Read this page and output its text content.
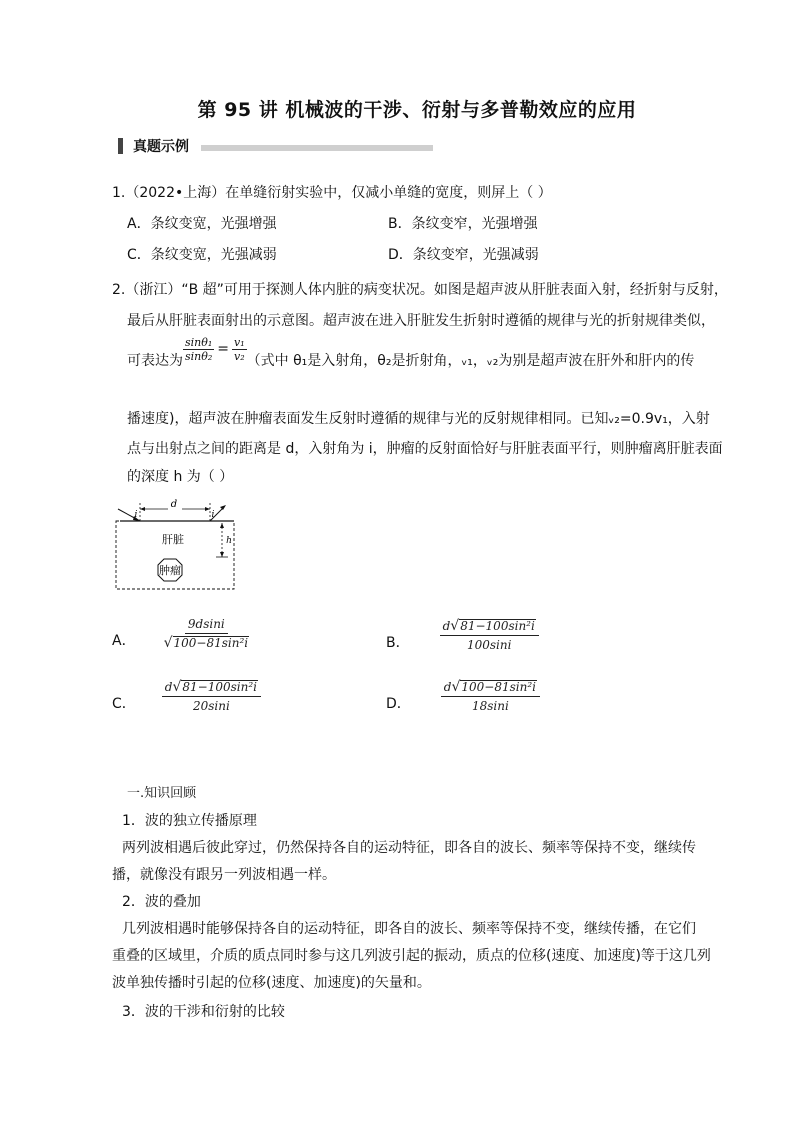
第 95 讲 机械波的干涉、衍射与多普勒效应的应用
真题示例
1.（2022•上海）在单缝衍射实验中，仅减小单缝的宽度，则屏上（ ）
A．条纹变宽，光强增强	B．条纹变窄，光强增强
C．条纹变宽，光强减弱	D．条纹变窄，光强减弱
2.（浙江）“B 超”可用于探测人体内脏的病变状况。如图是超声波从肝脏表面入射，经折射与反射，
最后从肝脏表面射出的示意图。超声波在进入肝脏发生折射时遵循的规律与光的折射规律类似，
可表达为 $\frac{\text{sinθ₁}}{\text{sinθ₂}} = \frac{\text{v₁}}{\text{v₂}}$ （式中 θ₁是入射角，θ₂是折射角，ᵥ₁，ᵥ₂为别是超声波在肝外和肝内的传
播速度)，超声波在肿瘤表面发生反射时遵循的规律与光的反射规律相同。已知ᵥ₂=0.9v₁，入射
点与出射点之间的距离是 d，入射角为 i，肿瘤的反射面恰好与肝脏表面平行，则肿瘤离肝脏表面
的深度 h 为（ ）
d
i	i
h
肝脏
肿瘤
A． $\frac{9dsini}{\text{√ 100−81sin²i}}$	B．	$\frac{\text{d √ 81−100sin²i}}{100\sin i}$
C． $\frac{\text{d √ 81−100sin²i}}{20\sin i}$	D．	$\frac{\text{d √ 100−81sin²i}}{18\sin i}$
一.知识回顾
1．波的独立传播原理
两列波相遇后彼此穿过，仍然保持各自的运动特征，即各自的波长、频率等保持不变，继续传
播，就像没有跟另一列波相遇一样。
2．波的叠加
几列波相遇时能够保持各自的运动特征，即各自的波长、频率等保持不变，继续传播，在它们
重叠的区域里，介质的质点同时参与这几列波引起的振动，质点的位移(速度、加速度)等于这几列
波单独传播时引起的位移(速度、加速度)的矢量和。
3．波的干涉和衍射的比较
